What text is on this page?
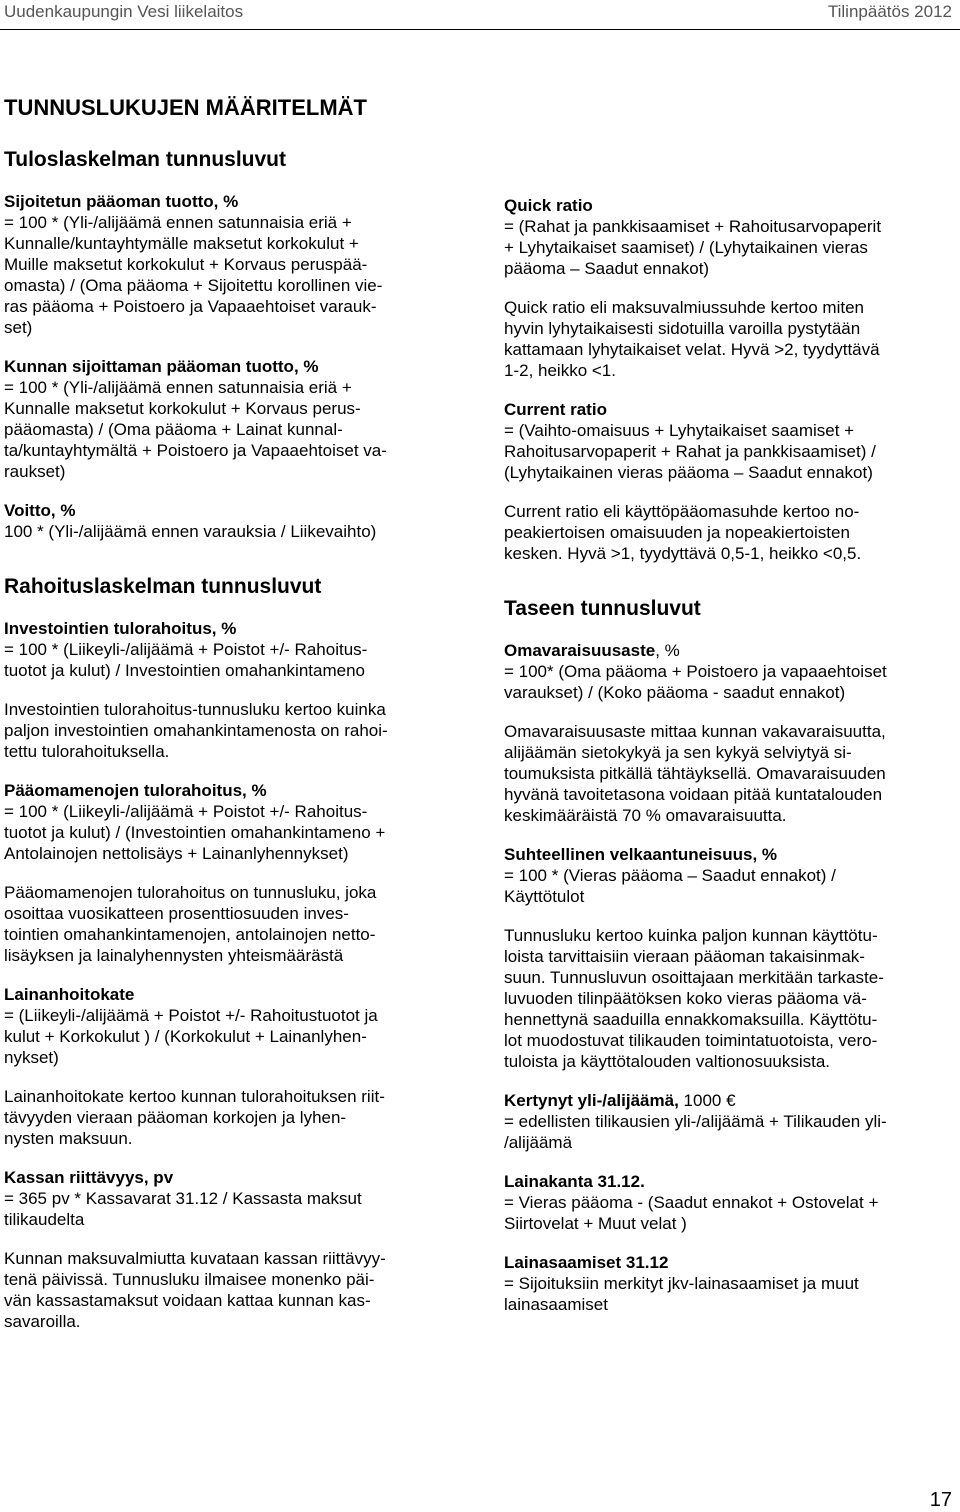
Uudenkaupungin Vesi liikelaitos	Tilinpäätös 2012
TUNNUSLUKUJEN MÄÄRITELMÄT

Tuloslaskelman tunnusluvut

Sijoitetun pääoman tuotto, %

= 100 * (Yli-/alijäämä ennen satunnaisia eriä +

Kunnalle/kuntayhtymälle maksetut korkokulut +

Muille maksetut korkokulut + Korvaus peruspää-

omasta) / (Oma pääoma + Sijoitettu korollinen vie-

ras pääoma + Poistoero ja Vapaaehtoiset varauk-

set)

Kunnan sijoittaman pääoman tuotto, %

= 100 * (Yli-/alijäämä ennen satunnaisia eriä +

Kunnalle maksetut korkokulut + Korvaus perus-

pääomasta) / (Oma pääoma + Lainat kunnal-

ta/kuntayhtymältä + Poistoero ja Vapaaehtoiset va-

raukset)

Voitto, %

100 * (Yli-/alijäämä ennen varauksia / Liikevaihto)

Rahoituslaskelman tunnusluvut

Investointien tulorahoitus, %

= 100 * (Liikeyli-/alijäämä + Poistot +/- Rahoitus-

tuotot ja kulut) / Investointien omahankintameno

Investointien tulorahoitus-tunnusluku kertoo kuinka

paljon investointien omahankintamenosta on rahoi-

tettu tulorahoituksella.

Pääomamenojen tulorahoitus, %

= 100 * (Liikeyli-/alijäämä + Poistot +/- Rahoitus-

tuotot ja kulut) / (Investointien omahankintameno +

Antolainojen nettolisäys + Lainanlyhennykset)

Pääomamenojen tulorahoitus on tunnusluku, joka

osoittaa vuosikatteen prosenttiosuuden inves-

tointien omahankintamenojen, antolainojen netto-

lisäyksen ja lainalyhennysten yhteismäärästä

Lainanhoitokate

= (Liikeyli-/alijäämä + Poistot +/- Rahoitustuotot ja

kulut + Korkokulut ) / (Korkokulut + Lainanlyhen-

nykset)

Lainanhoitokate kertoo kunnan tulorahoituksen riit-

tävyyden vieraan pääoman korkojen ja lyhen-

nysten maksuun.

Kassan riittävyys, pv

= 365 pv * Kassavarat 31.12 / Kassasta maksut

tilikaudelta

Kunnan maksuvalmiutta kuvataan kassan riittävyy-

tenä päivissä. Tunnusluku ilmaisee monenko päi-

vän kassastamaksut voidaan kattaa kunnan kas-

savaroilla.

Quick ratio

= (Rahat ja pankkisaamiset + Rahoitusarvopaperit

+ Lyhytaikaiset saamiset) / (Lyhytaikainen vieras

pääoma – Saadut ennakot)

Quick ratio eli maksuvalmiussuhde kertoo miten

hyvin lyhytaikaisesti sidotuilla varoilla pystytään

kattamaan lyhytaikaiset velat. Hyvä >2, tyydyttävä

1-2, heikko <1.

Current ratio

= (Vaihto-omaisuus + Lyhytaikaiset saamiset +

Rahoitusarvopaperit + Rahat ja pankkisaamiset) /

(Lyhytaikainen vieras pääoma – Saadut ennakot)

Current ratio eli käyttöpääomasuhde kertoo no-

peakiertoisen omaisuuden ja nopeakiertoisten

kesken. Hyvä >1, tyydyttävä 0,5-1, heikko <0,5.

Taseen tunnusluvut

Omavaraisuusaste, %

= 100* (Oma pääoma + Poistoero ja vapaaehtoiset

varaukset) / (Koko pääoma - saadut ennakot)

Omavaraisuusaste mittaa kunnan vakavaraisuutta,

alijäämän sietokykyä ja sen kykyä selviytyä si-

toumuksista pitkällä tähtäyksellä. Omavaraisuuden

hyvänä tavoitetasona voidaan pitää kuntatalouden

keskimääräistä 70 % omavaraisuutta.

Suhteellinen velkaantuneisuus, %

= 100 * (Vieras pääoma – Saadut ennakot) /

Käyttötulot

Tunnusluku kertoo kuinka paljon kunnan käyttötu-

loista tarvittaisiin vieraan pääoman takaisinmak-

suun. Tunnusluvun osoittajaan merkitään tarkaste-

luvuoden tilinpäätöksen koko vieras pääoma vä-

hennettynä saaduilla ennakkomaksuilla. Käyttötu-

lot muodostuvat tilikauden toimintatuotoista, vero-

tuloista ja käyttötalouden valtionosuuksista.

Kertynyt yli-/alijäämä, 1000 €

= edellisten tilikausien yli-/alijäämä + Tilikauden yli-

/alijäämä

Lainakanta 31.12.

= Vieras pääoma - (Saadut ennakot + Ostovelat +

Siirtovelat + Muut velat )

Lainasaamiset 31.12

= Sijoituksiin merkityt jkv-lainasaamiset ja muut

lainasaamiset

17
